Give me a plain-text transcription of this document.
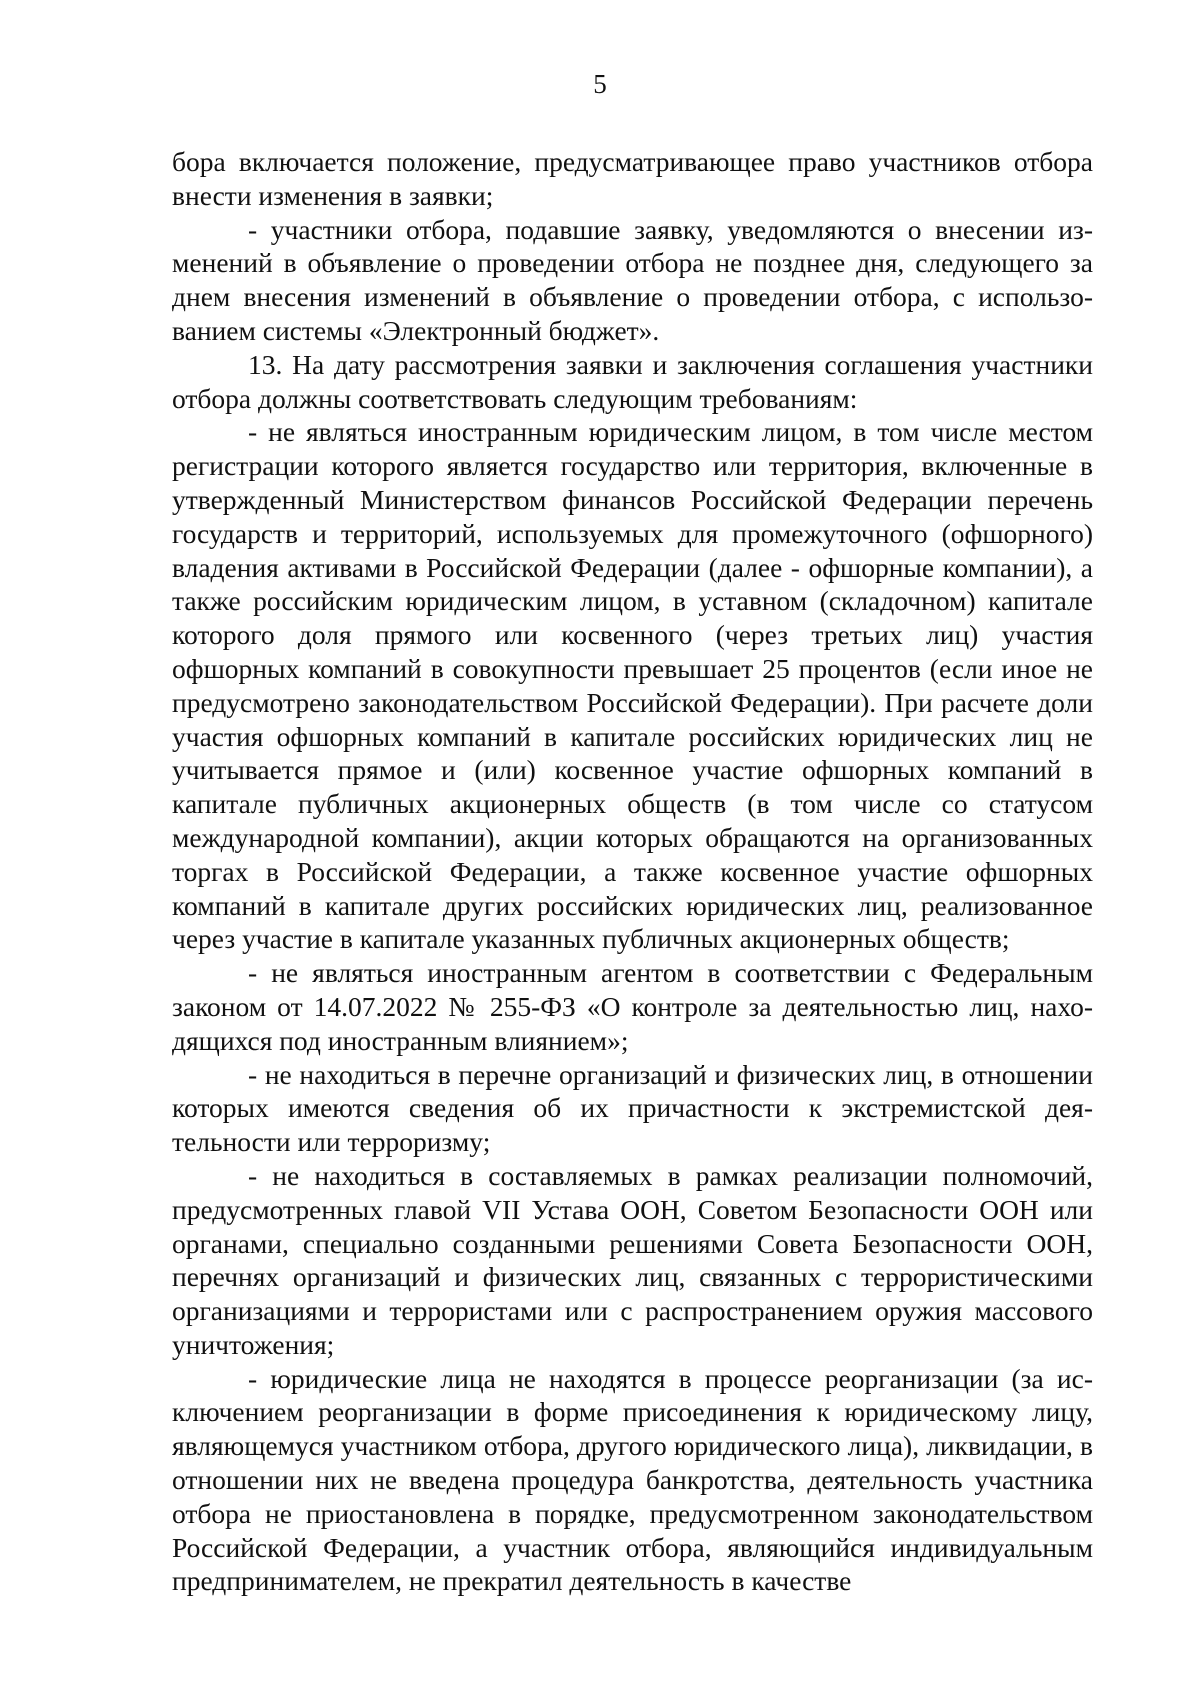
5

бора включается положение, предусматривающее право участников отбора внести изменения в заявки;

- участники отбора, подавшие заявку, уведомляются о внесении изменений в объявление о проведении отбора не позднее дня, следующего за днем внесения изменений в объявление о проведении отбора, с использованием системы «Электронный бюджет».

13. На дату рассмотрения заявки и заключения соглашения участники отбора должны соответствовать следующим требованиям:

- не являться иностранным юридическим лицом, в том числе местом регистрации которого является государство или территория, включенные в утвержденный Министерством финансов Российской Федерации перечень государств и территорий, используемых для промежуточного (офшорного) владения активами в Российской Федерации (далее - офшорные компании), а также российским юридическим лицом, в уставном (складочном) капитале которого доля прямого или косвенного (через третьих лиц) участия офшорных компаний в совокупности превышает 25 процентов (если иное не предусмотрено законодательством Российской Федерации). При расчете доли участия офшорных компаний в капитале российских юридических лиц не учитывается прямое и (или) косвенное участие офшорных компаний в капитале публичных акционерных обществ (в том числе со статусом международной компании), акции которых обращаются на организованных торгах в Российской Федерации, а также косвенное участие офшорных компаний в капитале других российских юридических лиц, реализованное через участие в капитале указанных публичных акционерных обществ;

- не являться иностранным агентом в соответствии с Федеральным законом от 14.07.2022 № 255-ФЗ «О контроле за деятельностью лиц, находящихся под иностранным влиянием»;

- не находиться в перечне организаций и физических лиц, в отношении которых имеются сведения об их причастности к экстремистской деятельности или терроризму;

- не находиться в составляемых в рамках реализации полномочий, предусмотренных главой VII Устава ООН, Советом Безопасности ООН или органами, специально созданными решениями Совета Безопасности ООН, перечнях организаций и физических лиц, связанных с террористическими организациями и террористами или с распространением оружия массового уничтожения;

- юридические лица не находятся в процессе реорганизации (за исключением реорганизации в форме присоединения к юридическому лицу, являющемуся участником отбора, другого юридического лица), ликвидации, в отношении них не введена процедура банкротства, деятельность участника отбора не приостановлена в порядке, предусмотренном законодательством Российской Федерации, а участник отбора, являющийся индивидуальным предпринимателем, не прекратил деятельность в качестве
